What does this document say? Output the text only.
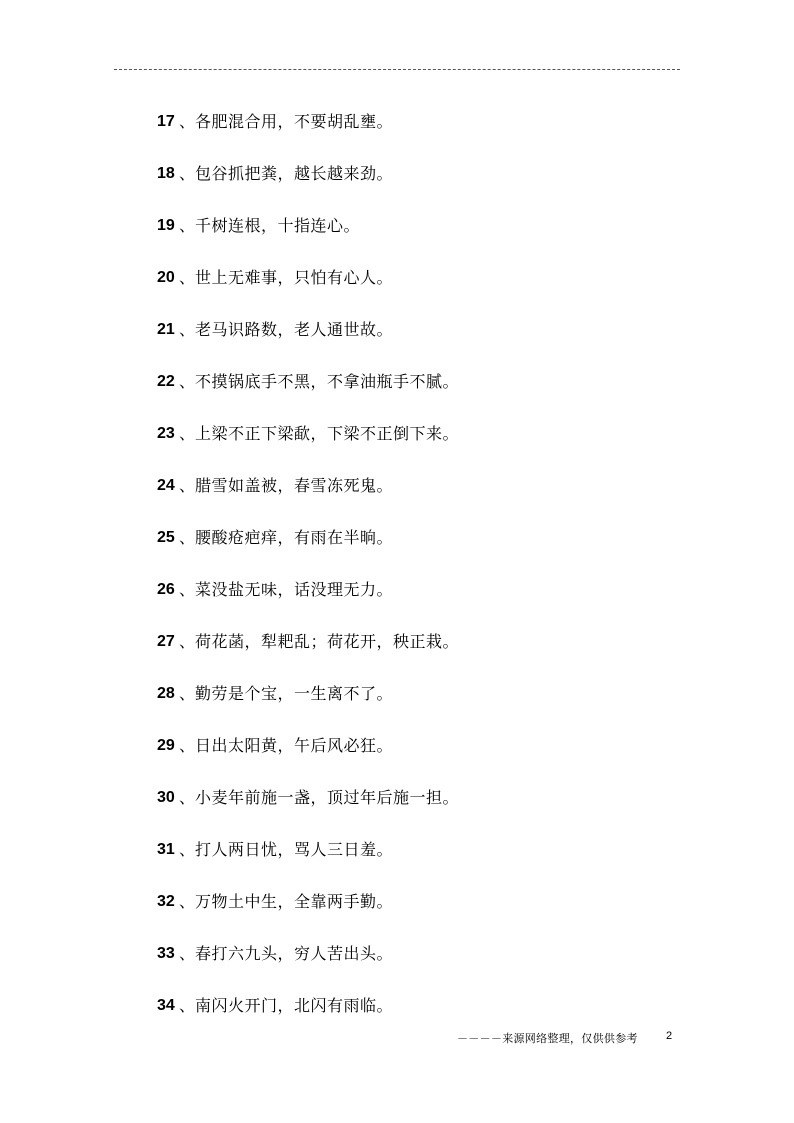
17 、 各肥混合用，不要胡乱壅。
18 、 包谷抓把粪，越长越来劲。
19 、 千树连根，十指连心。
20 、 世上无难事，只怕有心人。
21 、 老马识路数，老人通世故。
22 、 不摸锅底手不黑，不拿油瓶手不腻。
23 、 上梁不正下梁歃，下梁不正倒下来。
24 、 腊雪如盖被，春雪冻死鬼。
25 、 腰酸疮疤痒，有雨在半晌。
26 、 菜没盐无味，话没理无力。
27 、 荷花菡，犁耙乱；荷花开，秧正栽。
28 、 勤劳是个宝，一生离不了。
29 、 日出太阳黄，午后风必狂。
30 、 小麦年前施一盏，顶过年后施一担。
31 、 打人两日忧，骂人三日羞。
32 、 万物土中生，全靠两手勤。
33 、 春打六九头，穷人苦出头。
34 、 南闪火开门，北闪有雨临。
－－－－来源网络整理，仅供供参考	2
